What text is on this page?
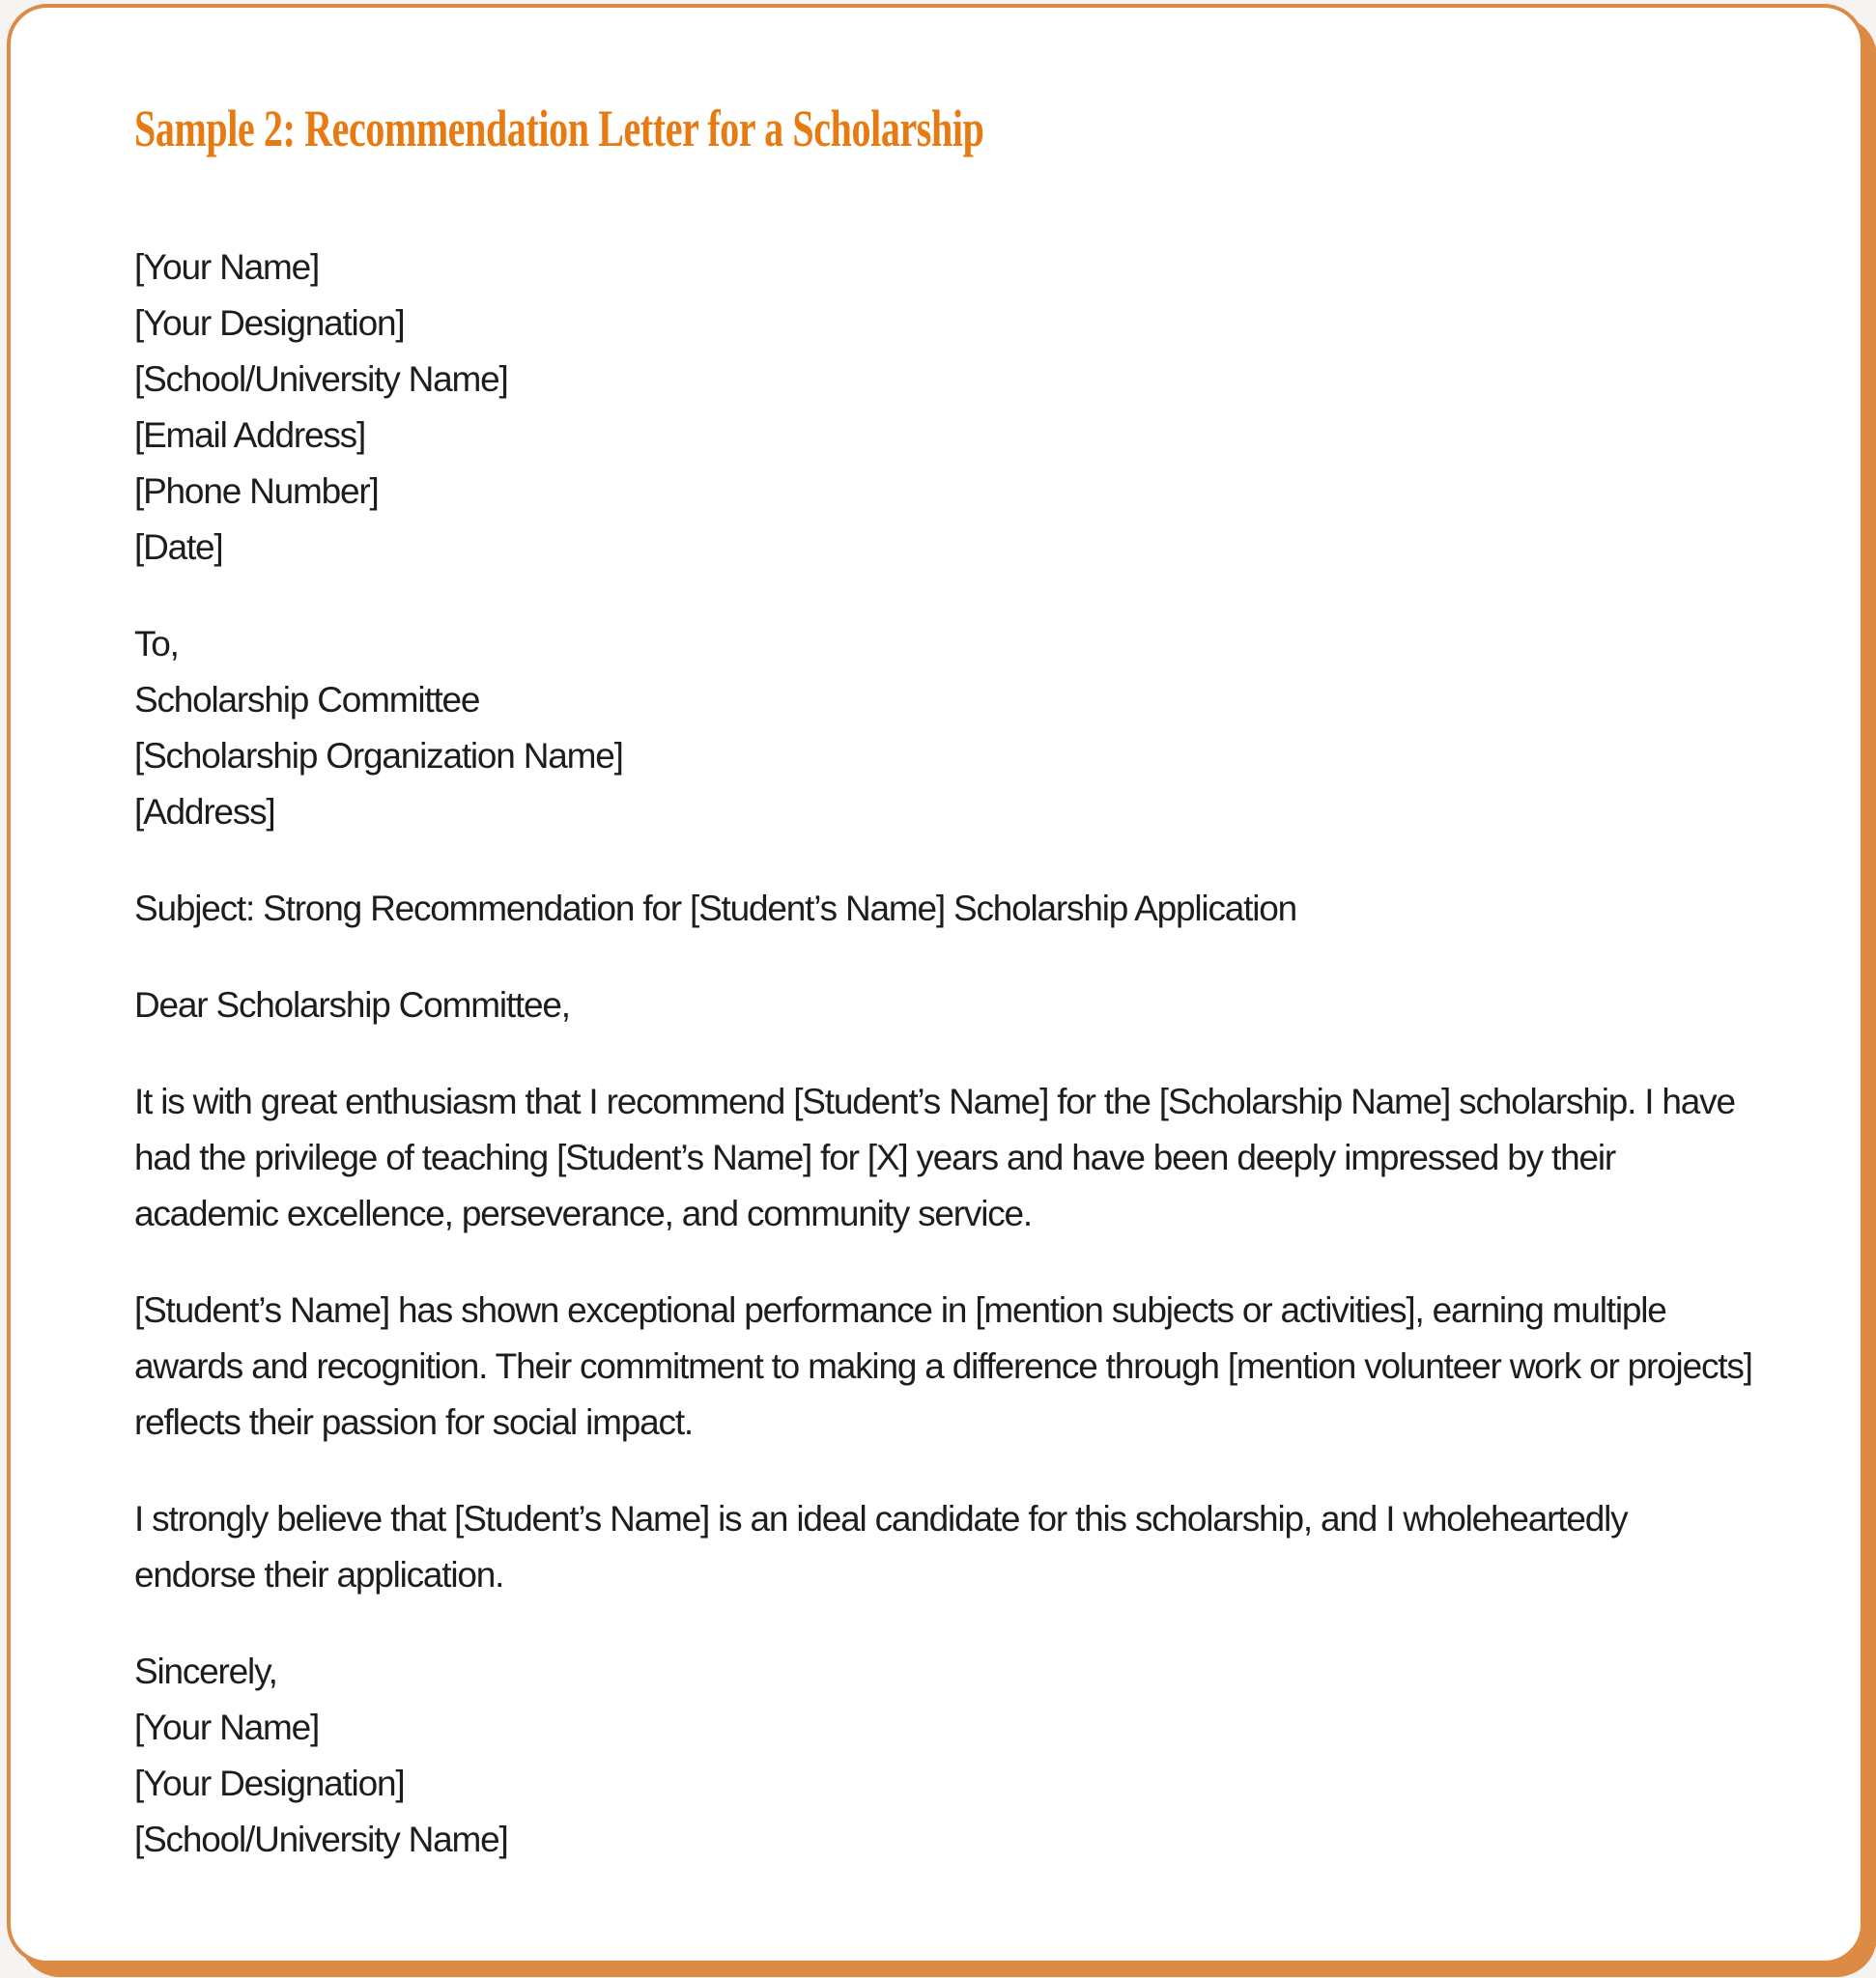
Sample 2: Recommendation Letter for a Scholarship
[Your Name]
[Your Designation]
[School/University Name]
[Email Address]
[Phone Number]
[Date]
To,
Scholarship Committee
[Scholarship Organization Name]
[Address]

Subject: Strong Recommendation for [Student’s Name] Scholarship Application

Dear Scholarship Committee,

It is with great enthusiasm that I recommend [Student’s Name] for the [Scholarship Name] scholarship. I have had the privilege of teaching [Student’s Name] for [X] years and have been deeply impressed by their academic excellence, perseverance, and community service.

[Student’s Name] has shown exceptional performance in [mention subjects or activities], earning multiple awards and recognition. Their commitment to making a difference through [mention volunteer work or projects] reflects their passion for social impact.

I strongly believe that [Student’s Name] is an ideal candidate for this scholarship, and I wholeheartedly endorse their application.

Sincerely,
[Your Name]
[Your Designation]
[School/University Name]
